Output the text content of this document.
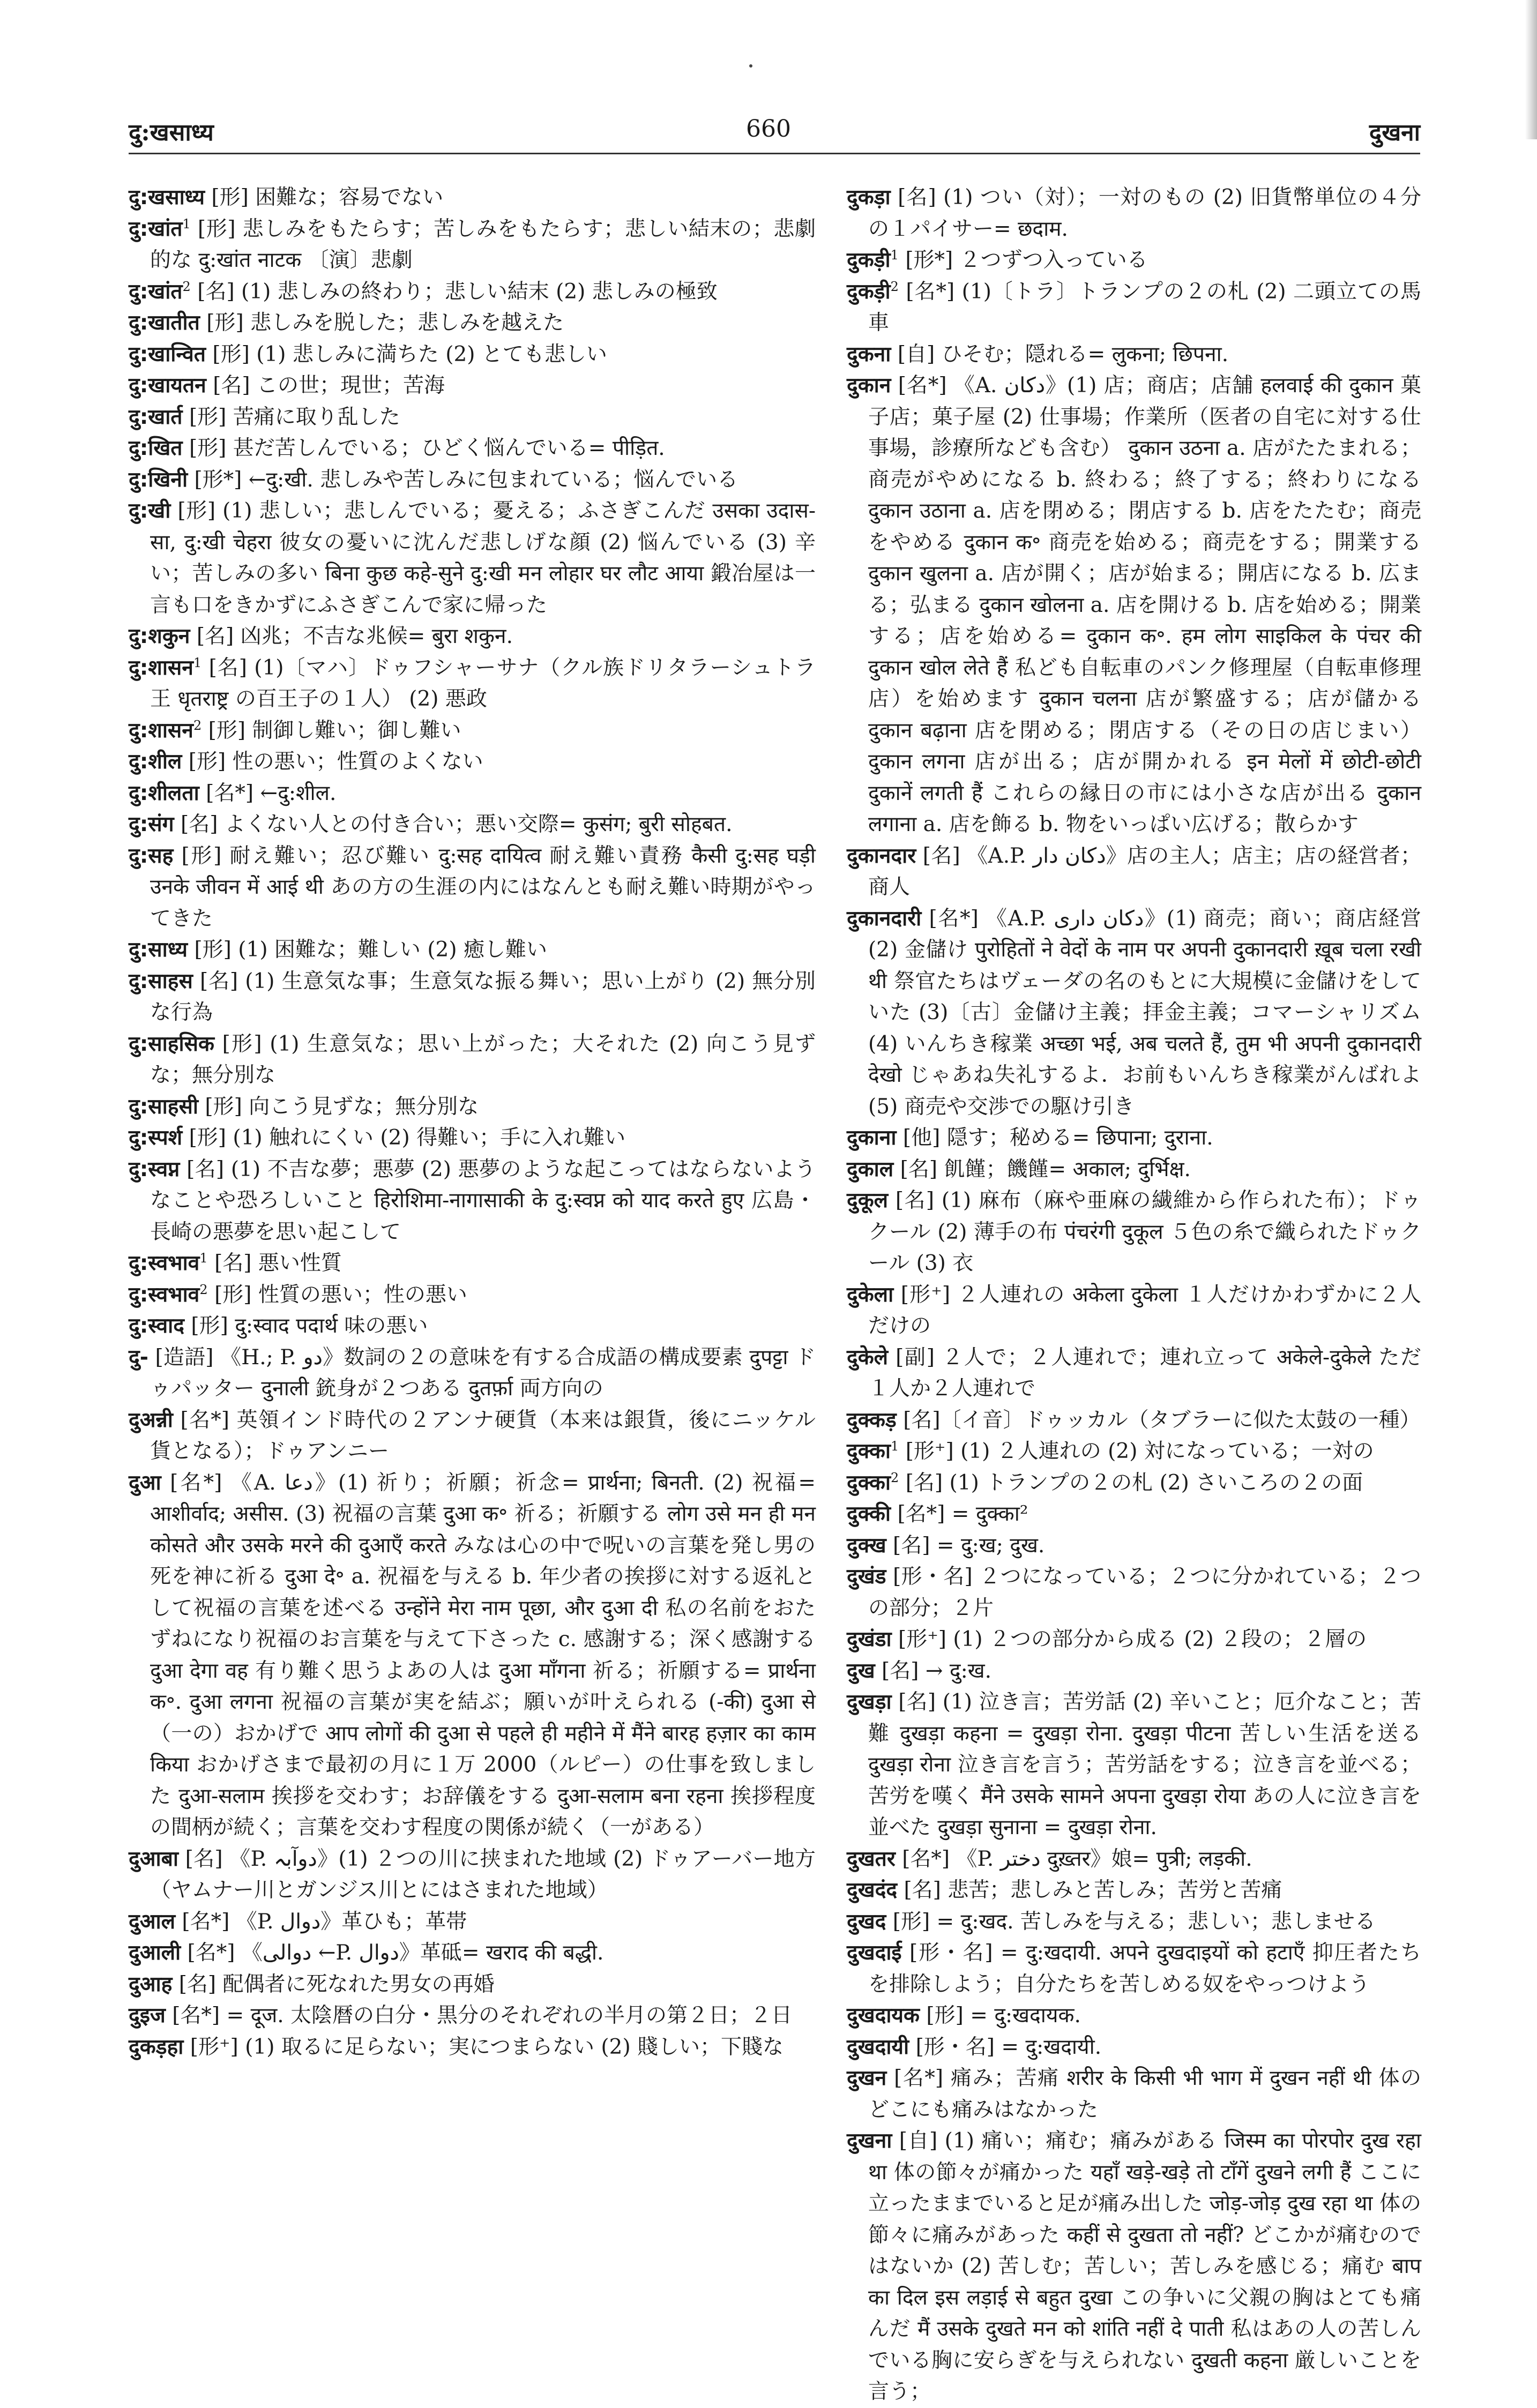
दु:खसाध्य	660	दुखना

दु:खसाध्य [形] 困難な；容易でない

दु:खांत$^1$ [形] 悲しみをもたらす；苦しみをもたらす；悲しい結末の；悲劇的な दु:खांत नाटक 〔演〕悲劇

दु:खांत$^2$ [名] (1) 悲しみの終わり；悲しい結末 (2) 悲しみの極致

दु:खातीत [形] 悲しみを脱した；悲しみを越えた

दु:खान्वित [形] (1) 悲しみに満ちた (2) とても悲しい

दु:खायतन [名] この世；現世；苦海

दु:खार्त [形] 苦痛に取り乱した

दु:खित [形] 甚だ苦しんでいる；ひどく悩んでいる= पीड़ित.

दु:खिनी [形*] ←दु:खी. 悲しみや苦しみに包まれている；悩んでいる

दु:खी [形] (1) 悲しい；悲しんでいる；憂える；ふさぎこんだ उसका उदास-सा, दु:खी चेहरा 彼女の憂いに沈んだ悲しげな顔 (2) 悩んでいる (3) 辛い；苦しみの多い बिना कुछ कहे-सुने दु:खी मन लोहार घर लौट आया 鍛冶屋は一言も口をきかずにふさぎこんで家に帰った

दु:शकुन [名] 凶兆；不吉な兆候= बुरा शकुन.

दु:शासन$^1$ [名] (1)〔マハ〕ドゥフシャーサナ（クル族ドリタラーシュトラ王 धृतराष्ट्र の百王子の１人） (2) 悪政

दु:शासन$^2$ [形] 制御し難い；御し難い

दु:शील [形] 性の悪い；性質のよくない

दु:शीलता [名*] ←दु:शील.

दु:संग [名] よくない人との付き合い；悪い交際= कुसंग; बुरी सोहबत.

दु:सह [形] 耐え難い；忍び難い दु:सह दायित्व 耐え難い責務 कैसी दु:सह घड़ी उनके जीवन में आई थी あの方の生涯の内にはなんとも耐え難い時期がやってきた

दु:साध्य [形] (1) 困難な；難しい (2) 癒し難い

दु:साहस [名] (1) 生意気な事；生意気な振る舞い；思い上がり (2) 無分別な行為

दु:साहसिक [形] (1) 生意気な；思い上がった；大それた (2) 向こう見ずな；無分別な

दु:साहसी [形] 向こう見ずな；無分別な

दु:स्पर्श [形] (1) 触れにくい (2) 得難い；手に入れ難い

दु:स्वप्न [名] (1) 不吉な夢；悪夢 (2) 悪夢のような起こってはならないようなことや恐ろしいこと हिरोशिमा-नागासाकी के दु:स्वप्न को याद करते हुए 広島・長崎の悪夢を思い起こして

दु:स्वभाव$^1$ [名] 悪い性質

दु:स्वभाव$^2$ [形] 性質の悪い；性の悪い

दु:स्वाद [形] दु:स्वाद पदार्थ 味の悪い

दु- [造語] 《H.; P. دو》数詞の２の意味を有する合成語の構成要素 दुपट्टा ドゥパッター दुनाली 銃身が２つある दुतर्फ़ा 両方向の

दुअन्नी [名*] 英領インド時代の２アンナ硬貨（本来は銀貨，後にニッケル貨となる）；ドゥアンニー

दुआ [名*] 《A. دعا》(1) 祈り；祈願；祈念= प्रार्थना; बिनती. (2) 祝福= आशीर्वाद; असीस. (3) 祝福の言葉 दुआ क॰ 祈る；祈願する लोग उसे मन ही मन कोसते और उसके मरने की दुआएँ करते みなは心の中で呪いの言葉を発し男の死を神に祈る दुआ दे॰ a. 祝福を与える b. 年少者の挨拶に対する返礼として祝福の言葉を述べる उन्होंने मेरा नाम पूछा, और दुआ दी 私の名前をおたずねになり祝福のお言葉を与えて下さった c. 感謝する；深く感謝する दुआ देगा वह 有り難く思うよあの人は दुआ माँगना 祈る；祈願する= प्रार्थना क॰. दुआ लगना 祝福の言葉が実を結ぶ；願いが叶えられる (-की) दुआ से （一の）おかげで आप लोगों की दुआ से पहले ही महीने में मैंने बारह हज़ार का काम किया おかげさまで最初の月に１万 2000（ルピー）の仕事を致しました दुआ-सलाम 挨拶を交わす；お辞儀をする दुआ-सलाम बना रहना 挨拶程度の間柄が続く；言葉を交わす程度の関係が続く（一がある）

दुआबा [名] 《P. دوآبہ》(1) ２つの川に挟まれた地域 (2) ドゥアーバー地方（ヤムナー川とガンジス川とにはさまれた地域）

दुआल [名*] 《P. دوال》革ひも；革帯

दुआली [名*] 《دوالی ←P. دوال》革砥= खराद की बद्धी.

दुआह [名] 配偶者に死なれた男女の再婚

दुइज [名*] = दूज. 太陰暦の白分・黒分のそれぞれの半月の第２日；２日

दुकड़हा [形⁺] (1) 取るに足らない；実につまらない (2) 賤しい；下賤な

दुकड़ा [名] (1) つい（対）；一対のもの (2) 旧貨幣単位の４分の１パイサー= छदाम.

दुकड़ी$^1$ [形*] ２つずつ入っている

दुकड़ी$^2$ [名*] (1)〔トラ〕トランプの２の札 (2) 二頭立ての馬車

दुकना [自] ひそむ；隠れる= लुकना; छिपना.

दुकान [名*] 《A. دکان》(1) 店；商店；店舗 हलवाई की दुकान 菓子店；菓子屋 (2) 仕事場；作業所（医者の自宅に対する仕事場，診療所なども含む） दुकान उठना a. 店がたたまれる；商売がやめになる b. 終わる；終了する；終わりになる दुकान उठाना a. 店を閉める；閉店する b. 店をたたむ；商売をやめる दुकान क॰ 商売を始める；商売をする；開業する दुकान खुलना a. 店が開く；店が始まる；開店になる b. 広まる；弘まる दुकान खोलना a. 店を開ける b. 店を始める；開業する；店を始める= दुकान क॰. हम लोग साइकिल के पंचर की दुकान खोल लेते हैं 私ども自転車のパンク修理屋（自転車修理店）を始めます दुकान चलना 店が繁盛する；店が儲かる दुकान बढ़ाना 店を閉める；閉店する（その日の店じまい） दुकान लगना 店が出る；店が開かれる इन मेलों में छोटी-छोटी दुकानें लगती हैं これらの縁日の市には小さな店が出る दुकान लगाना a. 店を飾る b. 物をいっぱい広げる；散らかす

दुकानदार [名] 《A.P. دکان دار》店の主人；店主；店の経営者；商人

दुकानदारी [名*] 《A.P. دکان داری》(1) 商売；商い；商店経営 (2) 金儲け पुरोहितों ने वेदों के नाम पर अपनी दुकानदारी ख़ूब चला रखी थी 祭官たちはヴェーダの名のもとに大規模に金儲けをしていた (3)〔古〕金儲け主義；拝金主義；コマーシャリズム (4) いんちき稼業 अच्छा भई, अब चलते हैं, तुम भी अपनी दुकानदारी देखो じゃあね失礼するよ．お前もいんちき稼業がんばれよ (5) 商売や交渉での駆け引き

दुकाना [他] 隠す；秘める= छिपाना; दुराना.

दुकाल [名] 飢饉；饑饉= अकाल; दुर्भिक्ष.

दुकूल [名] (1) 麻布（麻や亜麻の繊維から作られた布）；ドゥクール (2) 薄手の布 पंचरंगी दुकूल ５色の糸で織られたドゥクール (3) 衣

दुकेला [形⁺] ２人連れの अकेला दुकेला １人だけかわずかに２人だけの

दुकेले [副] ２人で；２人連れで；連れ立って अकेले-दुकेले ただ１人か２人連れで

दुक्कड़ [名]〔イ音〕ドゥッカル（タブラーに似た太鼓の一種）

दुक्का$^1$ [形⁺] (1) ２人連れの (2) 対になっている；一対の

दुक्का$^2$ [名] (1) トランプの２の札 (2) さいころの２の面

दुक्की [名*] = दुक्का²

दुक्ख [名] = दु:ख; दुख.

दुखंड [形・名] ２つになっている；２つに分かれている；２つの部分；２片

दुखंडा [形⁺] (1) ２つの部分から成る (2) ２段の；２層の

दुख [名] → दु:ख.

दुखड़ा [名] (1) 泣き言；苦労話 (2) 辛いこと；厄介なこと；苦難 दुखड़ा कहना = दुखड़ा रोना. दुखड़ा पीटना 苦しい生活を送る दुखड़ा रोना 泣き言を言う；苦労話をする；泣き言を並べる；苦労を嘆く मैंने उसके सामने अपना दुखड़ा रोया あの人に泣き言を並べた दुखड़ा सुनाना = दुखड़ा रोना.

दुखतर [名*] 《P. دختر दुख़्तर》娘= पुत्री; लड़की.

दुखदंद [名] 悲苦；悲しみと苦しみ；苦労と苦痛

दुखद [形] = दु:खद. 苦しみを与える；悲しい；悲しませる

दुखदाई [形・名] = दु:खदायी. अपने दुखदाइयों को हटाएँ 抑圧者たちを排除しよう；自分たちを苦しめる奴をやっつけよう

दुखदायक [形] = दु:खदायक.

दुखदायी [形・名] = दु:खदायी.

दुखन [名*] 痛み；苦痛 शरीर के किसी भी भाग में दुखन नहीं थी 体のどこにも痛みはなかった

दुखना [自] (1) 痛い；痛む；痛みがある जिस्म का पोरपोर दुख रहा था 体の節々が痛かった यहाँ खड़े-खड़े तो टाँगें दुखने लगी हैं ここに立ったままでいると足が痛み出した जोड़-जोड़ दुख रहा था 体の節々に痛みがあった कहीं से दुखता तो नहीं? どこかが痛むのではないか (2) 苦しむ；苦しい；苦しみを感じる；痛む बाप का दिल इस लड़ाई से बहुत दुखा この争いに父親の胸はとても痛んだ मैं उसके दुखते मन को शांति नहीं दे पाती 私はあの人の苦しんでいる胸に安らぎを与えられない दुखती कहना 厳しいことを言う；
